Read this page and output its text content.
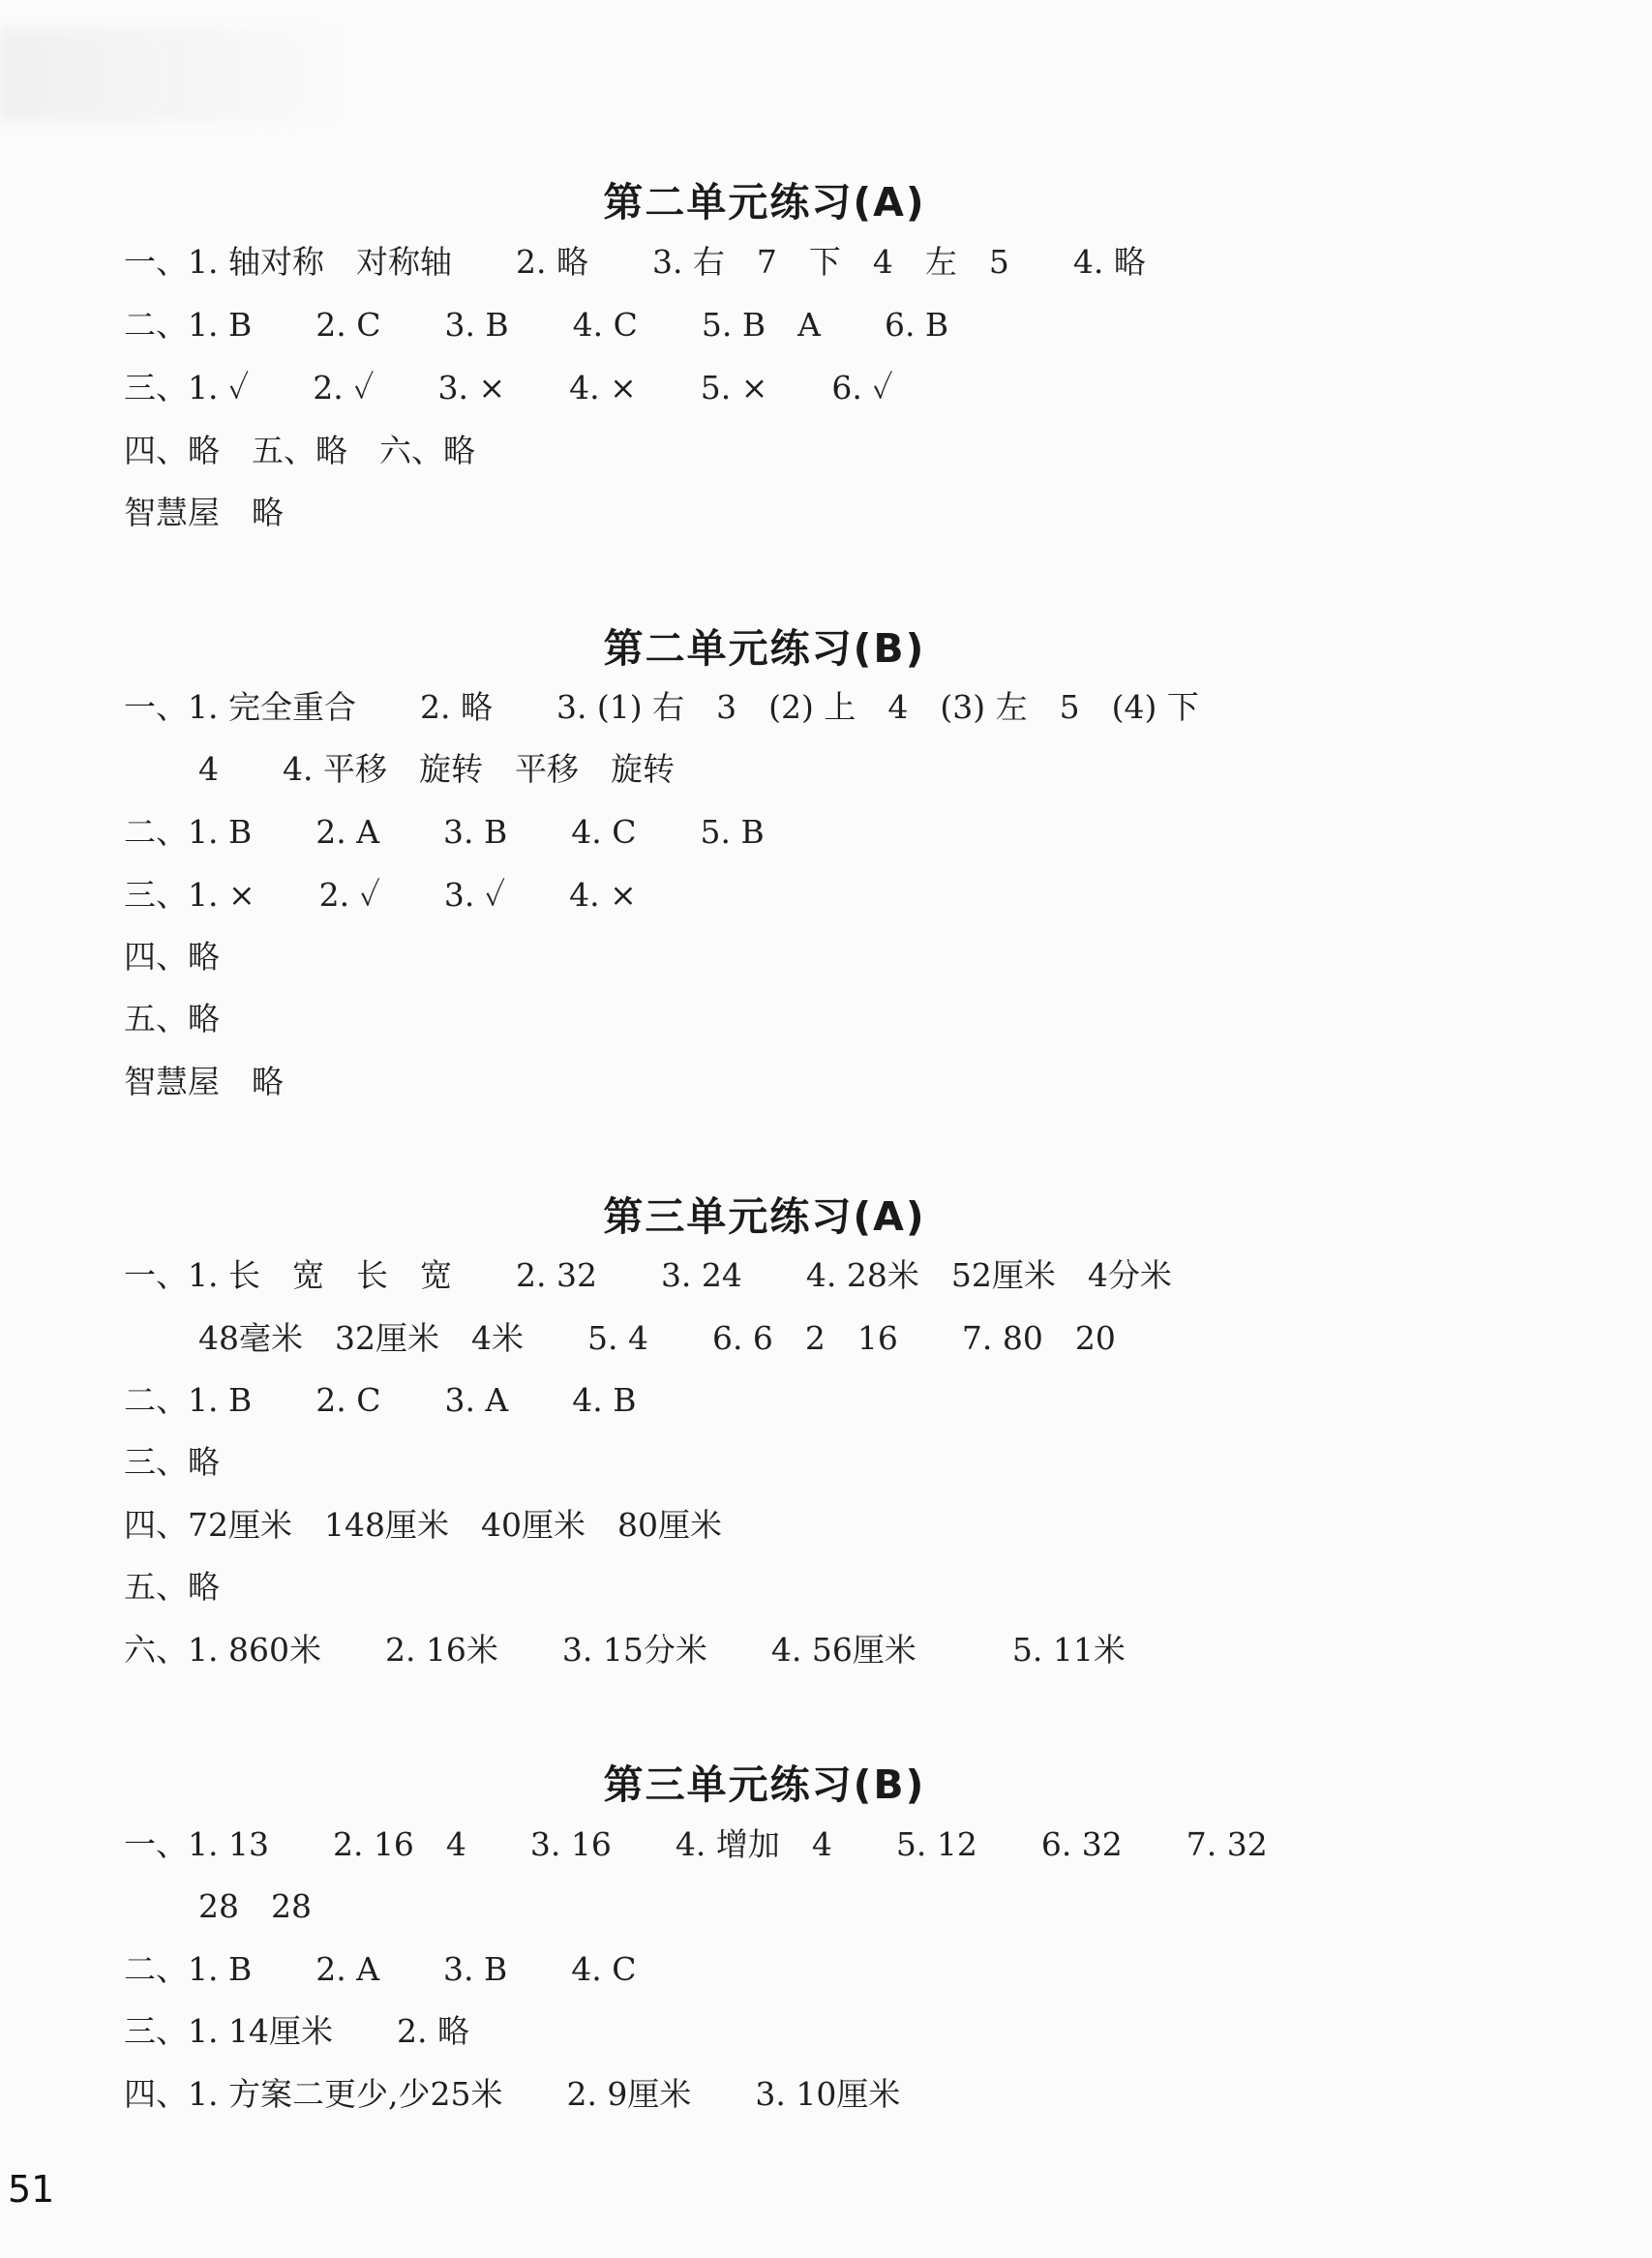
第二单元练习(A)
一、1. 轴对称　对称轴　　2. 略　　3. 右　7　下　4　左　5　　4. 略
二、1. B　　2. C　　3. B　　4. C　　5. B　A　　6. B
三、1. ✓　　2. ✓　　3. ×　　4. ×　　5. ×　　6. ✓
四、略　五、略　六、略
智慧屋　略
第二单元练习(B)
一、1. 完全重合　　2. 略　　3. (1) 右　3　(2) 上　4　(3) 左　5　(4) 下
4　　4. 平移　旋转　平移　旋转
二、1. B　　2. A　　3. B　　4. C　　5. B
三、1. ×　　2. ✓　　3. ✓　　4. ×
四、略
五、略
智慧屋　略
第三单元练习(A)
一、1. 长　宽　长　宽　　2. 32　　3. 24　　4. 28米　52厘米　4分米
48毫米　32厘米　4米　　5. 4　　6. 6　2　16　　7. 80　20
二、1. B　　2. C　　3. A　　4. B
三、略
四、72厘米　148厘米　40厘米　80厘米
五、略
六、1. 860米　　2. 16米　　3. 15分米　　4. 56厘米　　　5. 11米
第三单元练习(B)
一、1. 13　　2. 16　4　　3. 16　　4. 增加　4　　5. 12　　6. 32　　7. 32
28　28
二、1. B　　2. A　　3. B　　4. C
三、1. 14厘米　　2. 略
四、1. 方案二更少,少25米　　2. 9厘米　　3. 10厘米
51
